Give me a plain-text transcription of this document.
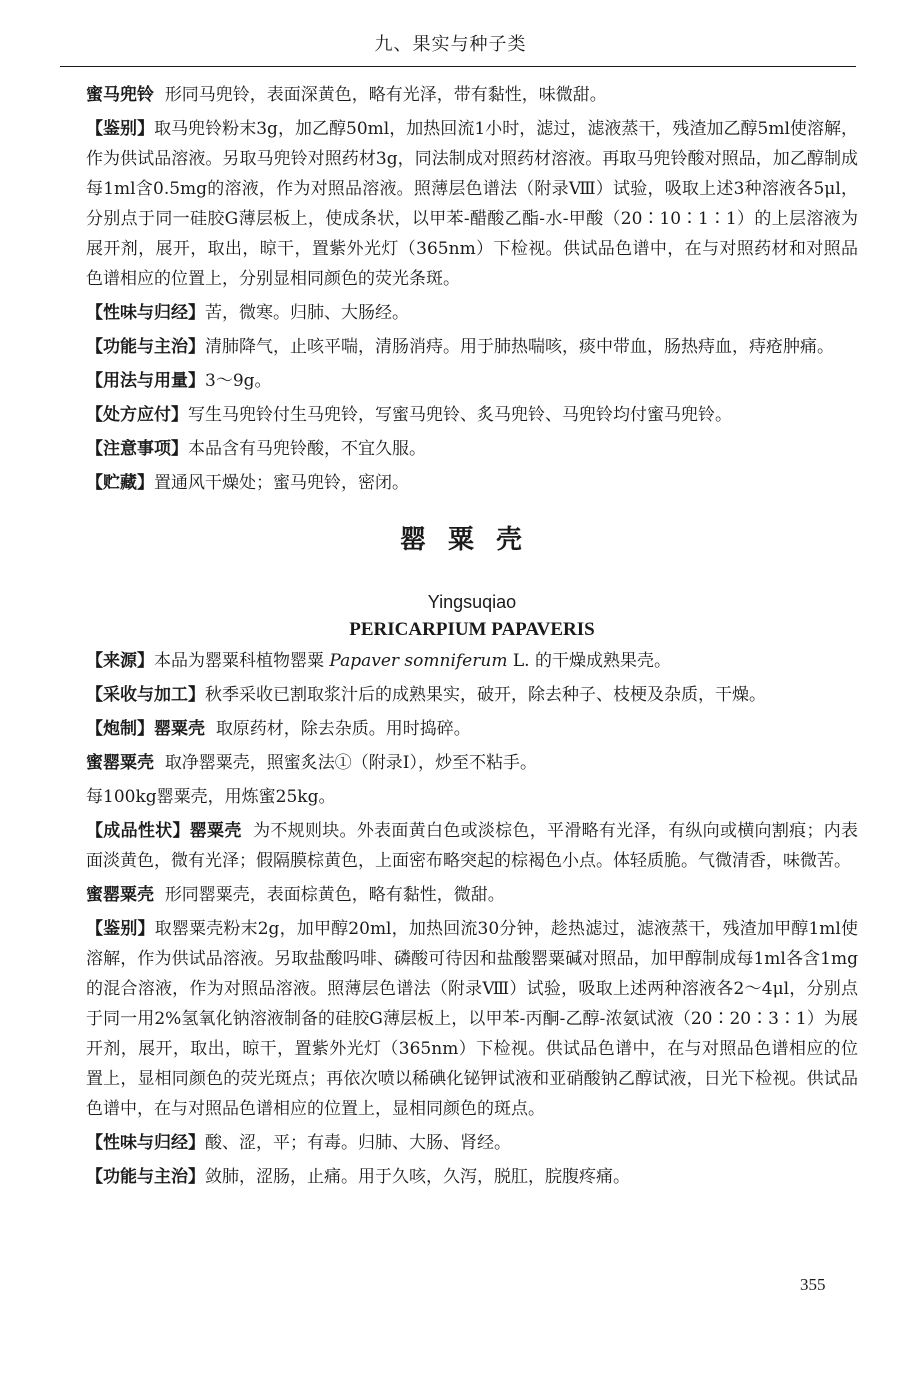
九、果实与种子类

蜜马兜铃 形同马兜铃，表面深黄色，略有光泽，带有黏性，味微甜。

【鉴别】取马兜铃粉末3g，加乙醇50ml，加热回流1小时，滤过，滤液蒸干，残渣加乙醇5ml使溶解，作为供试品溶液。另取马兜铃对照药材3g，同法制成对照药材溶液。再取马兜铃酸对照品，加乙醇制成每1ml含0.5mg的溶液，作为对照品溶液。照薄层色谱法（附录Ⅷ）试验，吸取上述3种溶液各5μl，分别点于同一硅胶G薄层板上，使成条状，以甲苯-醋酸乙酯-水-甲酸（20∶10∶1∶1）的上层溶液为展开剂，展开，取出，晾干，置紫外光灯（365nm）下检视。供试品色谱中，在与对照药材和对照品色谱相应的位置上，分别显相同颜色的荧光条斑。

【性味与归经】苦，微寒。归肺、大肠经。

【功能与主治】清肺降气，止咳平喘，清肠消痔。用于肺热喘咳，痰中带血，肠热痔血，痔疮肿痛。

【用法与用量】3～9g。

【处方应付】写生马兜铃付生马兜铃，写蜜马兜铃、炙马兜铃、马兜铃均付蜜马兜铃。

【注意事项】本品含有马兜铃酸，不宜久服。

【贮藏】置通风干燥处；蜜马兜铃，密闭。

罂粟壳

Yingsuqiao

PERICARPIUM PAPAVERIS

【来源】本品为罂粟科植物罂粟 Papaver somniferum L. 的干燥成熟果壳。

【采收与加工】秋季采收已割取浆汁后的成熟果实，破开，除去种子、枝梗及杂质，干燥。

【炮制】罂粟壳 取原药材，除去杂质。用时捣碎。

蜜罂粟壳 取净罂粟壳，照蜜炙法①（附录Ⅰ），炒至不粘手。

每100kg罂粟壳，用炼蜜25kg。

【成品性状】罂粟壳 为不规则块。外表面黄白色或淡棕色，平滑略有光泽，有纵向或横向割痕；内表面淡黄色，微有光泽；假隔膜棕黄色，上面密布略突起的棕褐色小点。体轻质脆。气微清香，味微苦。

蜜罂粟壳 形同罂粟壳，表面棕黄色，略有黏性，微甜。

【鉴别】取罂粟壳粉末2g，加甲醇20ml，加热回流30分钟，趁热滤过，滤液蒸干，残渣加甲醇1ml使溶解，作为供试品溶液。另取盐酸吗啡、磷酸可待因和盐酸罂粟碱对照品，加甲醇制成每1ml各含1mg的混合溶液，作为对照品溶液。照薄层色谱法（附录Ⅷ）试验，吸取上述两种溶液各2～4μl，分别点于同一用2%氢氧化钠溶液制备的硅胶G薄层板上，以甲苯-丙酮-乙醇-浓氨试液（20∶20∶3∶1）为展开剂，展开，取出，晾干，置紫外光灯（365nm）下检视。供试品色谱中，在与对照品色谱相应的位置上，显相同颜色的荧光斑点；再依次喷以稀碘化铋钾试液和亚硝酸钠乙醇试液，日光下检视。供试品色谱中，在与对照品色谱相应的位置上，显相同颜色的斑点。

【性味与归经】酸、涩，平；有毒。归肺、大肠、肾经。

【功能与主治】敛肺，涩肠，止痛。用于久咳，久泻，脱肛，脘腹疼痛。

355
